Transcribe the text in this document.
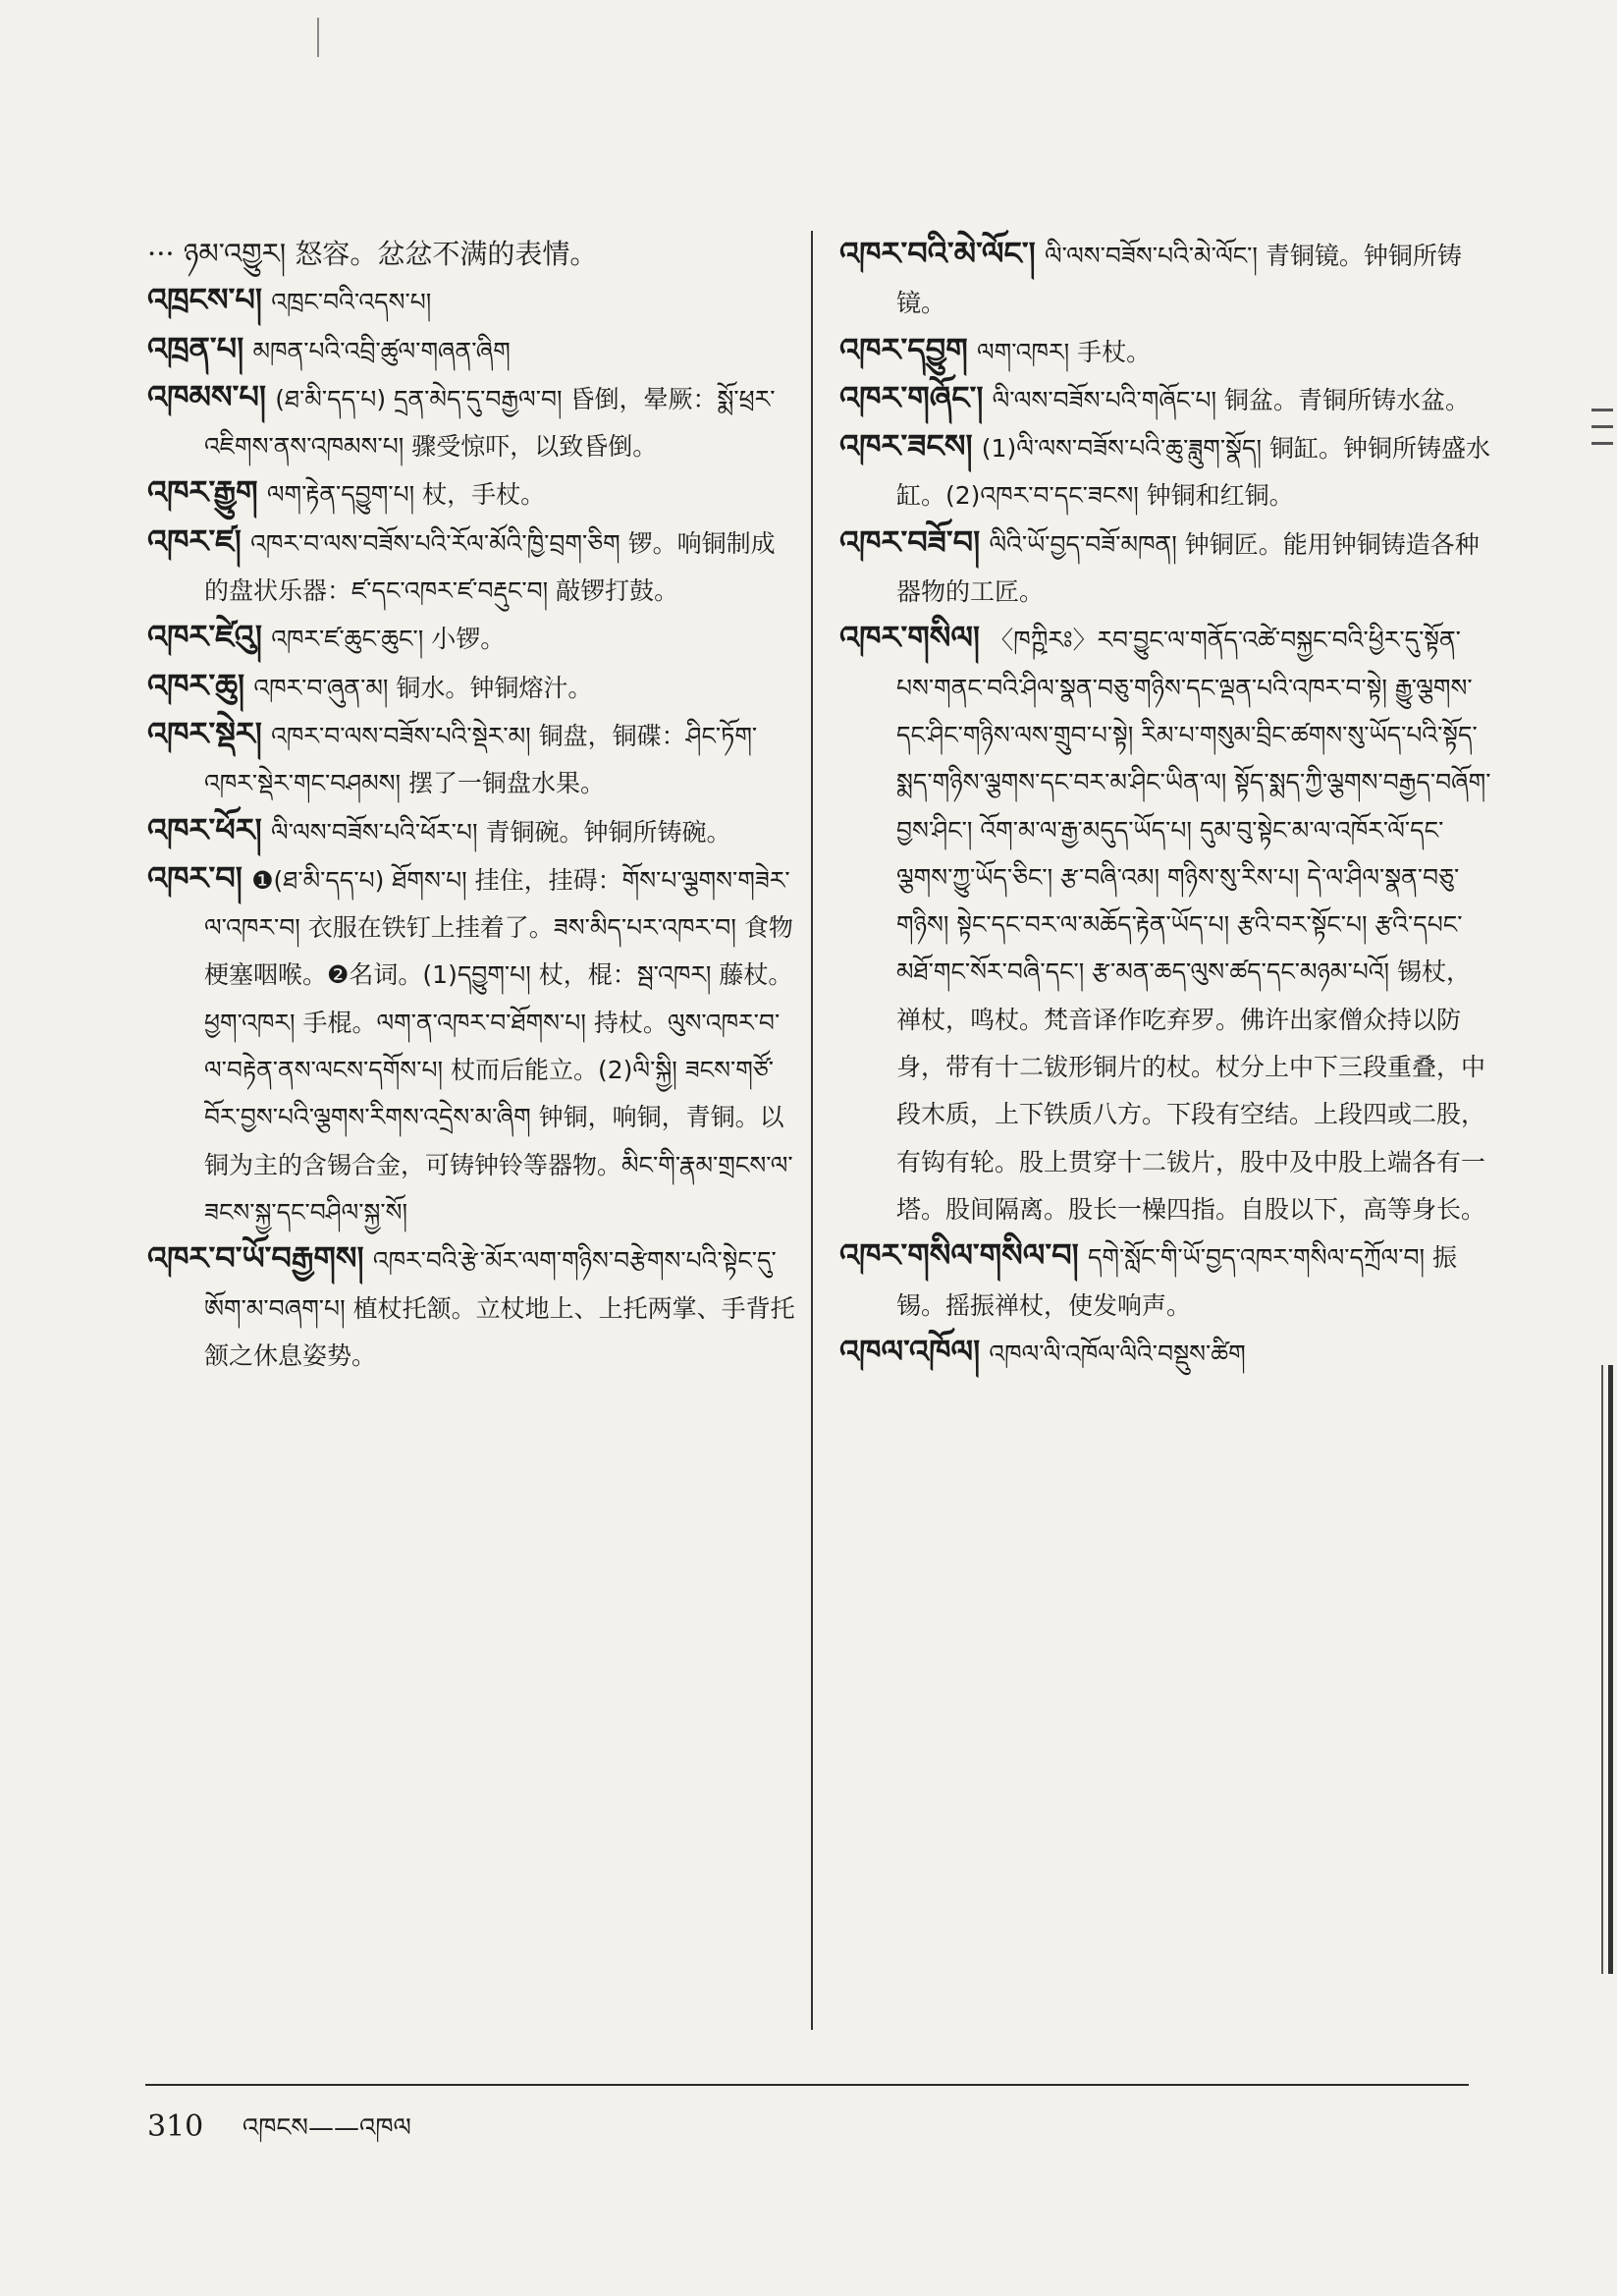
··· ཉམ་འགྱུར། 怒容。忿忿不满的表情。

འཁྲངས་པ། འཁྲང་བའི་འདས་པ།

འཁྲན་པ། མཁན་པའི་འབྲི་ཚུལ་གཞན་ཞིག

འཁམས་པ། (ཐ་མི་དད་པ) དྲན་མེད་དུ་བརྒྱལ་བ། 昏倒，晕厥：སྨོ་ཕྲར་འཇིགས་ནས་འཁམས་པ། 骤受惊吓，以致昏倒。

འཁར་རྒྱུག ལག་རྟེན་དབྱུག་པ། 杖，手杖。

འཁར་ཛ། འཁར་བ་ལས་བཟོས་པའི་རོལ་མོའི་ཁྱི་བྲག་ཅིག 锣。响铜制成的盘状乐器：ཛ་དང་འཁར་ཛ་བརྡུང་བ། 敲锣打鼓。

འཁར་ཛེའུ། འཁར་ཛ་ཆུང་ཆུང་། 小锣。

འཁར་ཆུ། འཁར་བ་ཞུན་མ། 铜水。钟铜熔汁。

འཁར་སྡེར། འཁར་བ་ལས་བཟོས་པའི་སྡེར་མ། 铜盘，铜碟：ཤིང་ཏོག་འཁར་སྡེར་གང་བཤམས། 摆了一铜盘水果。

འཁར་ཕོར། ལི་ལས་བཟོས་པའི་ཕོར་པ། 青铜碗。钟铜所铸碗。

འཁར་བ། ❶(ཐ་མི་དད་པ) ཐོགས་པ། 挂住，挂碍：གོས་པ་ལྕགས་གཟེར་ལ་འཁར་བ། 衣服在铁钉上挂着了。ཟས་མིད་པར་འཁར་བ། 食物梗塞咽喉。❷名词。(1)དབྱུག་པ། 杖，棍：སྦ་འཁར། 藤杖。ཕྱག་འཁར། 手棍。ལག་ན་འཁར་བ་ཐོགས་པ། 持杖。ལུས་འཁར་བ་ལ་བརྟེན་ནས་ལངས་དགོས་པ། 杖而后能立。(2)ལི་སྐྱི། ཟངས་གཙོ་བོར་བྱས་པའི་ལྕགས་རིགས་འདྲེས་མ་ཞིག 钟铜，响铜，青铜。以铜为主的含锡合金，可铸钟铃等器物。མིང་གི་རྣམ་གྲངས་ལ་ཟངས་སྐྱ་དང་བཤིལ་སྐྱ་སོ།

འཁར་བ་ཡོ་བརྒྱགས། འཁར་བའི་རྩེ་མོར་ལག་གཉིས་བརྩེགས་པའི་སྟེང་དུ་ཨོག་མ་བཞག་པ། 植杖托颔。立杖地上、上托两掌、手背托颔之休息姿势。

འཁར་བའི་མེ་ལོང་། ལི་ལས་བཟོས་པའི་མེ་ལོང་། 青铜镜。钟铜所铸镜。

འཁར་དབྱུག ལག་འཁར། 手杖。

འཁར་གཞོང་། ལི་ལས་བཟོས་པའི་གཞོང་པ། 铜盆。青铜所铸水盆。

འཁར་ཟངས། (1)ལི་ལས་བཟོས་པའི་ཆུ་ཟླུག་སྣོད། 铜缸。钟铜所铸盛水缸。(2)འཁར་བ་དང་ཟངས། 钟铜和红铜。

འཁར་བཟོ་བ། ལིའི་ཡོ་བྱད་བཟོ་མཁན། 钟铜匠。能用钟铜铸造各种器物的工匠。

འཁར་གསིལ། 〈ཁཀྵིརཿ〉རབ་བྱུང་ལ་གནོད་འཚེ་བསྐྱང་བའི་ཕྱིར་དུ་སྟོན་པས་གནང་བའི་ཤིལ་སྣན་བཅུ་གཉིས་དང་ལྡན་པའི་འཁར་བ་སྟེ། རྒྱུ་ལྕགས་དང་ཤིང་གཉིས་ལས་གྲུབ་པ་སྟེ། རིམ་པ་གསུམ་བྲིང་ཚགས་སུ་ཡོད་པའི་སྟོད་སྨད་གཉིས་ལྕགས་དང་བར་མ་ཤིང་ཡིན་ལ། སྟོད་སྨད་ཀྱི་ལྕགས་བརྒྱད་བཞོག་བྱས་ཤིང་། འོག་མ་ལ་རྒྱ་མདུད་ཡོད་པ། དུམ་བུ་སྟེང་མ་ལ་འཁོར་ལོ་དང་ལྕགས་ཀྱུ་ཡོད་ཅིང་། རྩ་བཞི་འམ། གཉིས་སུ་རིས་པ། དེ་ལ་ཤིལ་སྣན་བཅུ་གཉིས། སྟེང་དང་བར་ལ་མཆོད་རྟེན་ཡོད་པ། རྩའི་བར་སྟོང་པ། རྩའི་དཔང་མཐོ་གང་སོར་བཞི་དང་། རྩ་མན་ཆད་ལུས་ཚད་དང་མཉམ་པའོ། 锡杖，禅杖，鸣杖。梵音译作吃弃罗。佛许出家僧众持以防身，带有十二钹形铜片的杖。杖分上中下三段重叠，中段木质，上下铁质八方。下段有空结。上段四或二股，有钩有轮。股上贯穿十二钹片，股中及中股上端各有一塔。股间隔离。股长一橾四指。自股以下，高等身长。

འཁར་གསིལ་གསིལ་བ། དགེ་སློང་གི་ཡོ་བྱད་འཁར་གསིལ་དཀྲོལ་བ། 振锡。摇振禅杖，使发响声。

འཁལ་འཁོལ། འཁལ་ལི་འཁོལ་ལིའི་བསྡུས་ཚིག

310 འཁངས——འཁལ
